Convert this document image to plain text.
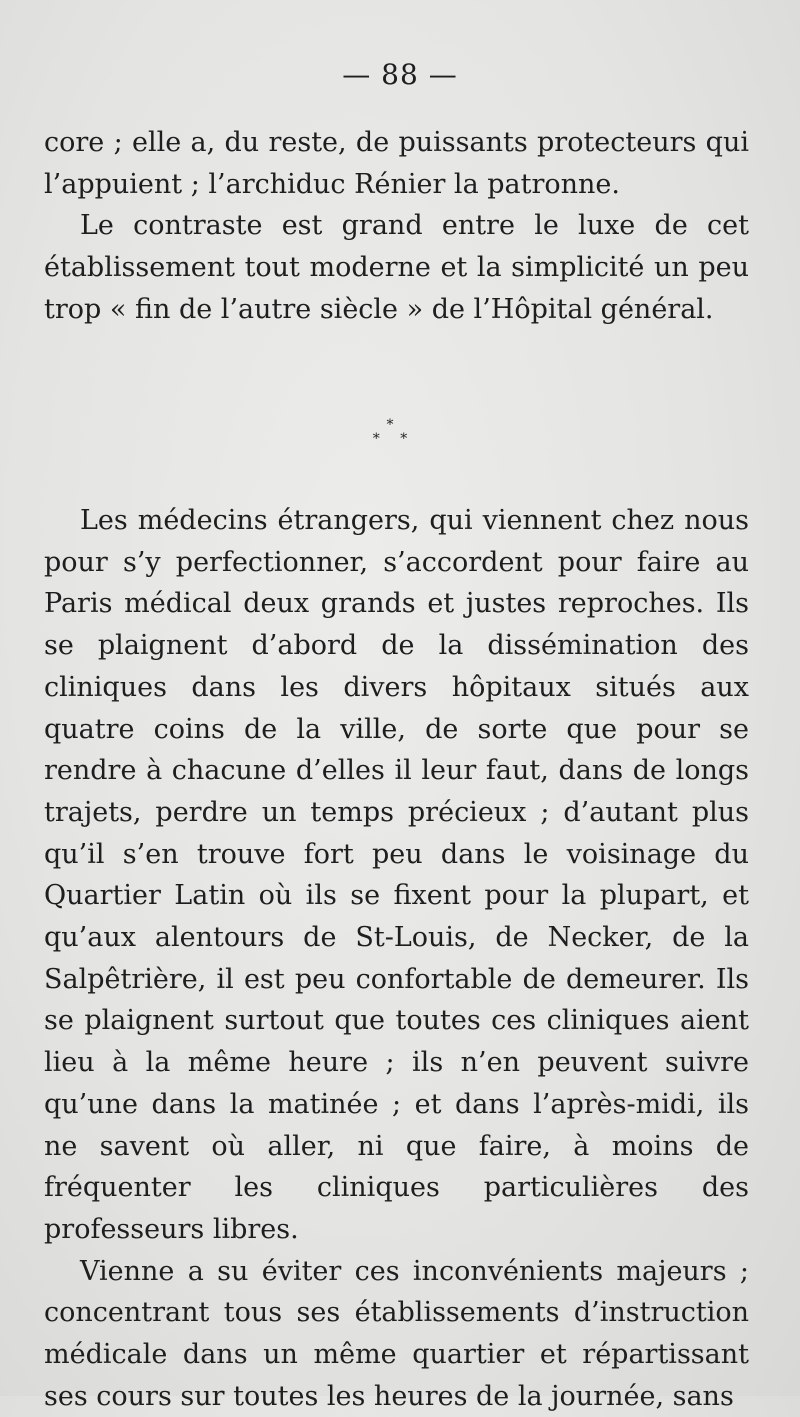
— 88 —

core ; elle a, du reste, de puissants protecteurs qui l’appuient ; l’archiduc Rénier la patronne.

Le contraste est grand entre le luxe de cet établissement tout moderne et la simplicité un peu trop « fin de l’autre siècle » de l’Hôpital général.

*
* *

Les médecins étrangers, qui viennent chez nous pour s’y perfectionner, s’accordent pour faire au Paris médical deux grands et justes reproches. Ils se plaignent d’abord de la dissémination des cliniques dans les divers hôpitaux situés aux quatre coins de la ville, de sorte que pour se rendre à chacune d’elles il leur faut, dans de longs trajets, perdre un temps précieux ; d’autant plus qu’il s’en trouve fort peu dans le voisinage du Quartier Latin où ils se fixent pour la plupart, et qu’aux alentours de St-Louis, de Necker, de la Salpêtrière, il est peu confortable de demeurer. Ils se plaignent surtout que toutes ces cliniques aient lieu à la même heure ; ils n’en peuvent suivre qu’une dans la matinée ; et dans l’après-midi, ils ne savent où aller, ni que faire, à moins de fréquenter les cliniques particulières des professeurs libres.

Vienne a su éviter ces inconvénients majeurs ; concentrant tous ses établissements d’instruction médicale dans un même quartier et répartissant ses cours sur toutes les heures de la journée, sans
